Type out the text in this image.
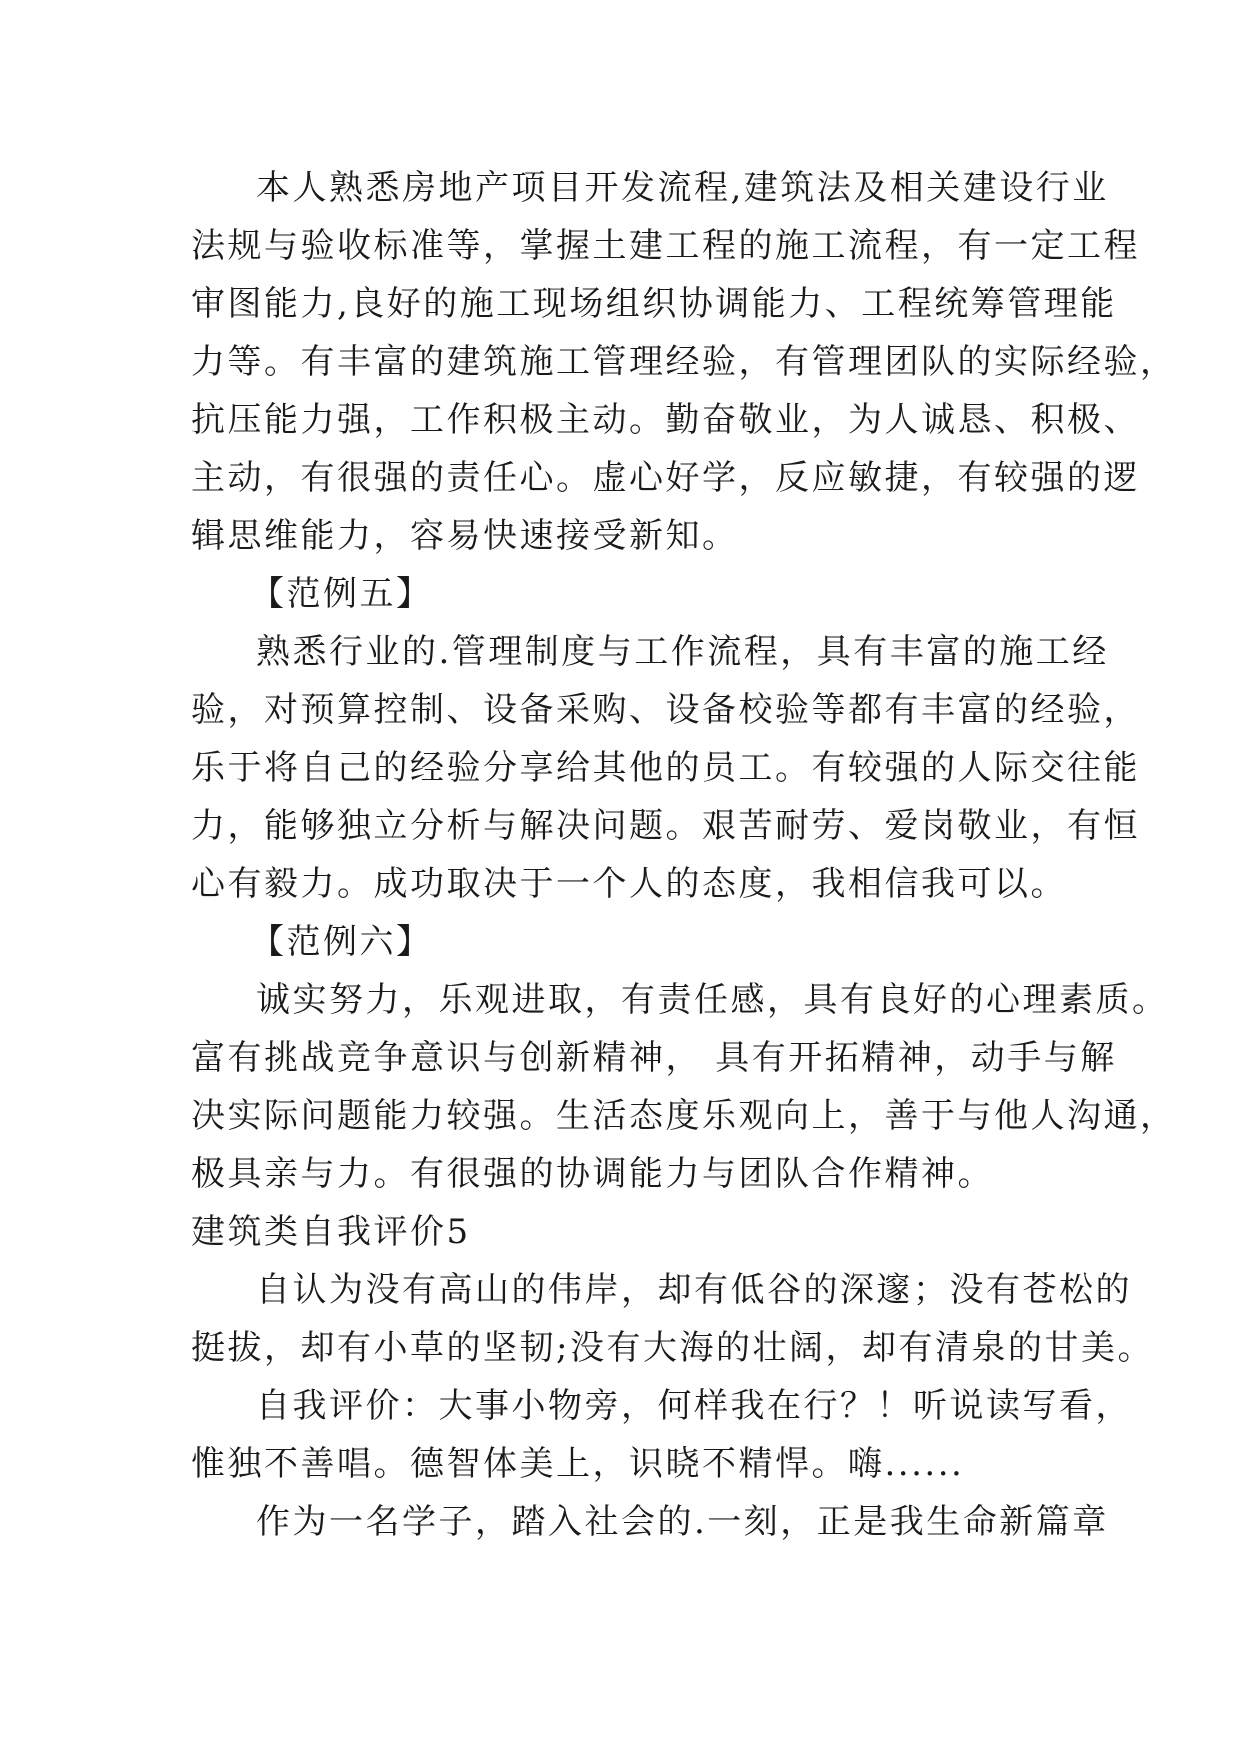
本人熟悉房地产项目开发流程,建筑法及相关建设行业

法规与验收标准等，掌握土建工程的施工流程，有一定工程

审图能力,良好的施工现场组织协调能力、工程统筹管理能

力等。有丰富的建筑施工管理经验，有管理团队的实际经验，

抗压能力强，工作积极主动。勤奋敬业，为人诚恳、积极、

主动，有很强的责任心。虚心好学，反应敏捷，有较强的逻

辑思维能力，容易快速接受新知。

【范例五】

熟悉行业的.管理制度与工作流程，具有丰富的施工经

验，对预算控制、设备采购、设备校验等都有丰富的经验，

乐于将自己的经验分享给其他的员工。有较强的人际交往能

力，能够独立分析与解决问题。艰苦耐劳、爱岗敬业，有恒

心有毅力。成功取决于一个人的态度，我相信我可以。

【范例六】

诚实努力，乐观进取，有责任感，具有良好的心理素质。

富有挑战竞争意识与创新精神， 具有开拓精神，动手与解

决实际问题能力较强。生活态度乐观向上，善于与他人沟通，

极具亲与力。有很强的协调能力与团队合作精神。

建筑类自我评价5

自认为没有高山的伟岸，却有低谷的深邃；没有苍松的

挺拔，却有小草的坚韧;没有大海的壮阔，却有清泉的甘美。

自我评价：大事小物旁，何样我在行？！听说读写看，

惟独不善唱。德智体美上，识晓不精悍。嗨......

作为一名学子，踏入社会的.一刻，正是我生命新篇章
